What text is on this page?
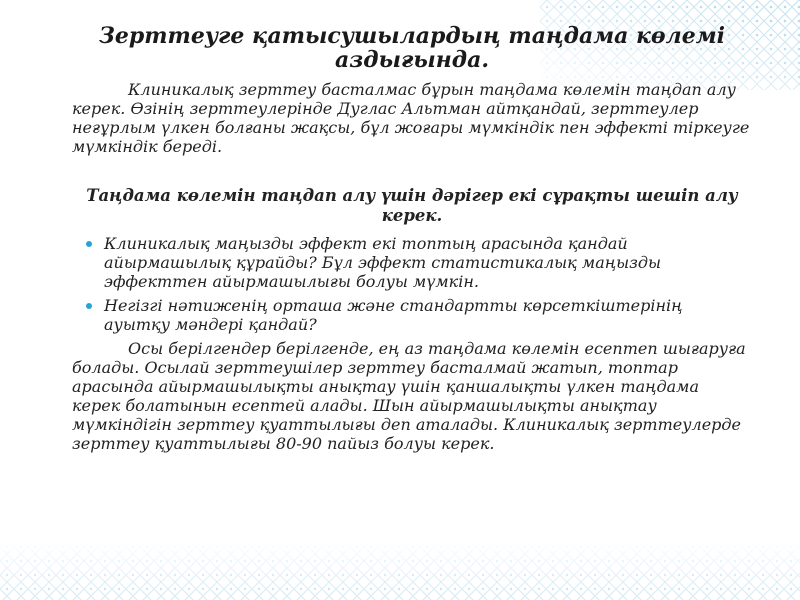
Зерттеуге қатысушылардың таңдама көлемі аздығында.

Клиникалық зерттеу басталмас бұрын таңдама көлемін таңдап алу керек. Өзінің зерттеулерінде Дуглас Альтман айтқандай, зерттеулер неғұрлым үлкен болғаны жақсы, бұл жоғары мүмкіндік пен эффекті тіркеуге мүмкіндік береді.

Таңдама көлемін таңдап алу үшін дәрігер екі сұрақты шешіп алу керек.
Клиникалық маңызды эффект екі топтың арасында қандай айырмашылық құрайды? Бұл эффект статистикалық маңызды эффекттен айырмашылығы болуы мүмкін.
Негізгі нәтиженің орташа және стандартты көрсеткіштерінің ауытқу мәндері қандай?

Осы берілгендер берілгенде, ең аз таңдама көлемін есептеп шығаруға болады. Осылай зерттеушілер зерттеу басталмай жатып, топтар арасында айырмашылықты анықтау үшін қаншалықты үлкен таңдама керек болатынын есептей алады. Шын айырмашылықты анықтау мүмкіндігін зерттеу қуаттылығы деп аталады. Клиникалық зерттеулерде зерттеу қуаттылығы 80-90 пайыз болуы керек.
